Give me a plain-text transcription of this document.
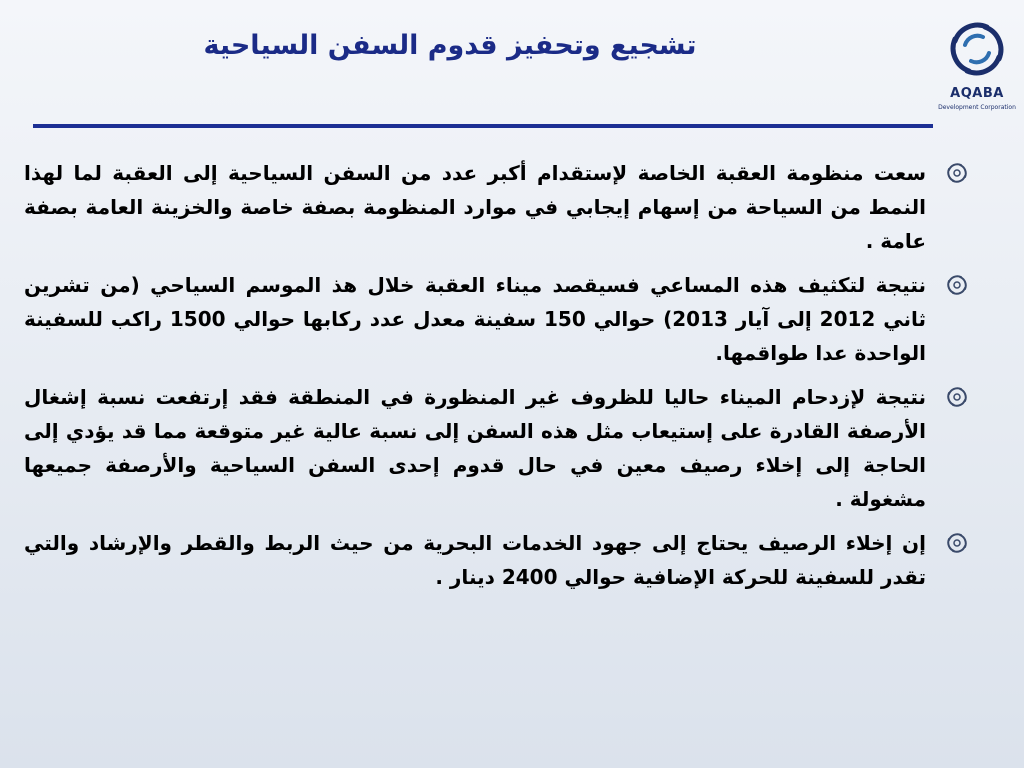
AQABA
Development Corporation
تشجيع وتحفيز قدوم السفن السياحية

سعت منظومة العقبة الخاصة لإستقدام أكبر عدد من السفن السياحية إلى العقبة لما لهذا النمط من السياحة من إسهام إيجابي في موارد المنظومة بصفة خاصة والخزينة العامة بصفة عامة .

نتيجة لتكثيف هذه المساعي فسيقصد ميناء العقبة خلال هذ الموسم السياحي (من تشرين ثاني 2012 إلى آيار 2013) حوالي 150 سفينة معدل عدد ركابها حوالي 1500 راكب للسفينة الواحدة عدا طواقمها.

نتيجة لإزدحام الميناء حاليا للظروف غير المنظورة في المنطقة فقد إرتفعت نسبة إشغال الأرصفة القادرة على إستيعاب مثل هذه السفن إلى نسبة عالية غير متوقعة مما قد يؤدي إلى الحاجة إلى إخلاء رصيف معين في حال قدوم إحدى السفن السياحية والأرصفة جميعها مشغولة .

إن إخلاء الرصيف يحتاج إلى جهود الخدمات البحرية من حيث الربط والقطر والإرشاد والتي تقدر للسفينة للحركة الإضافية حوالي 2400 دينار .
